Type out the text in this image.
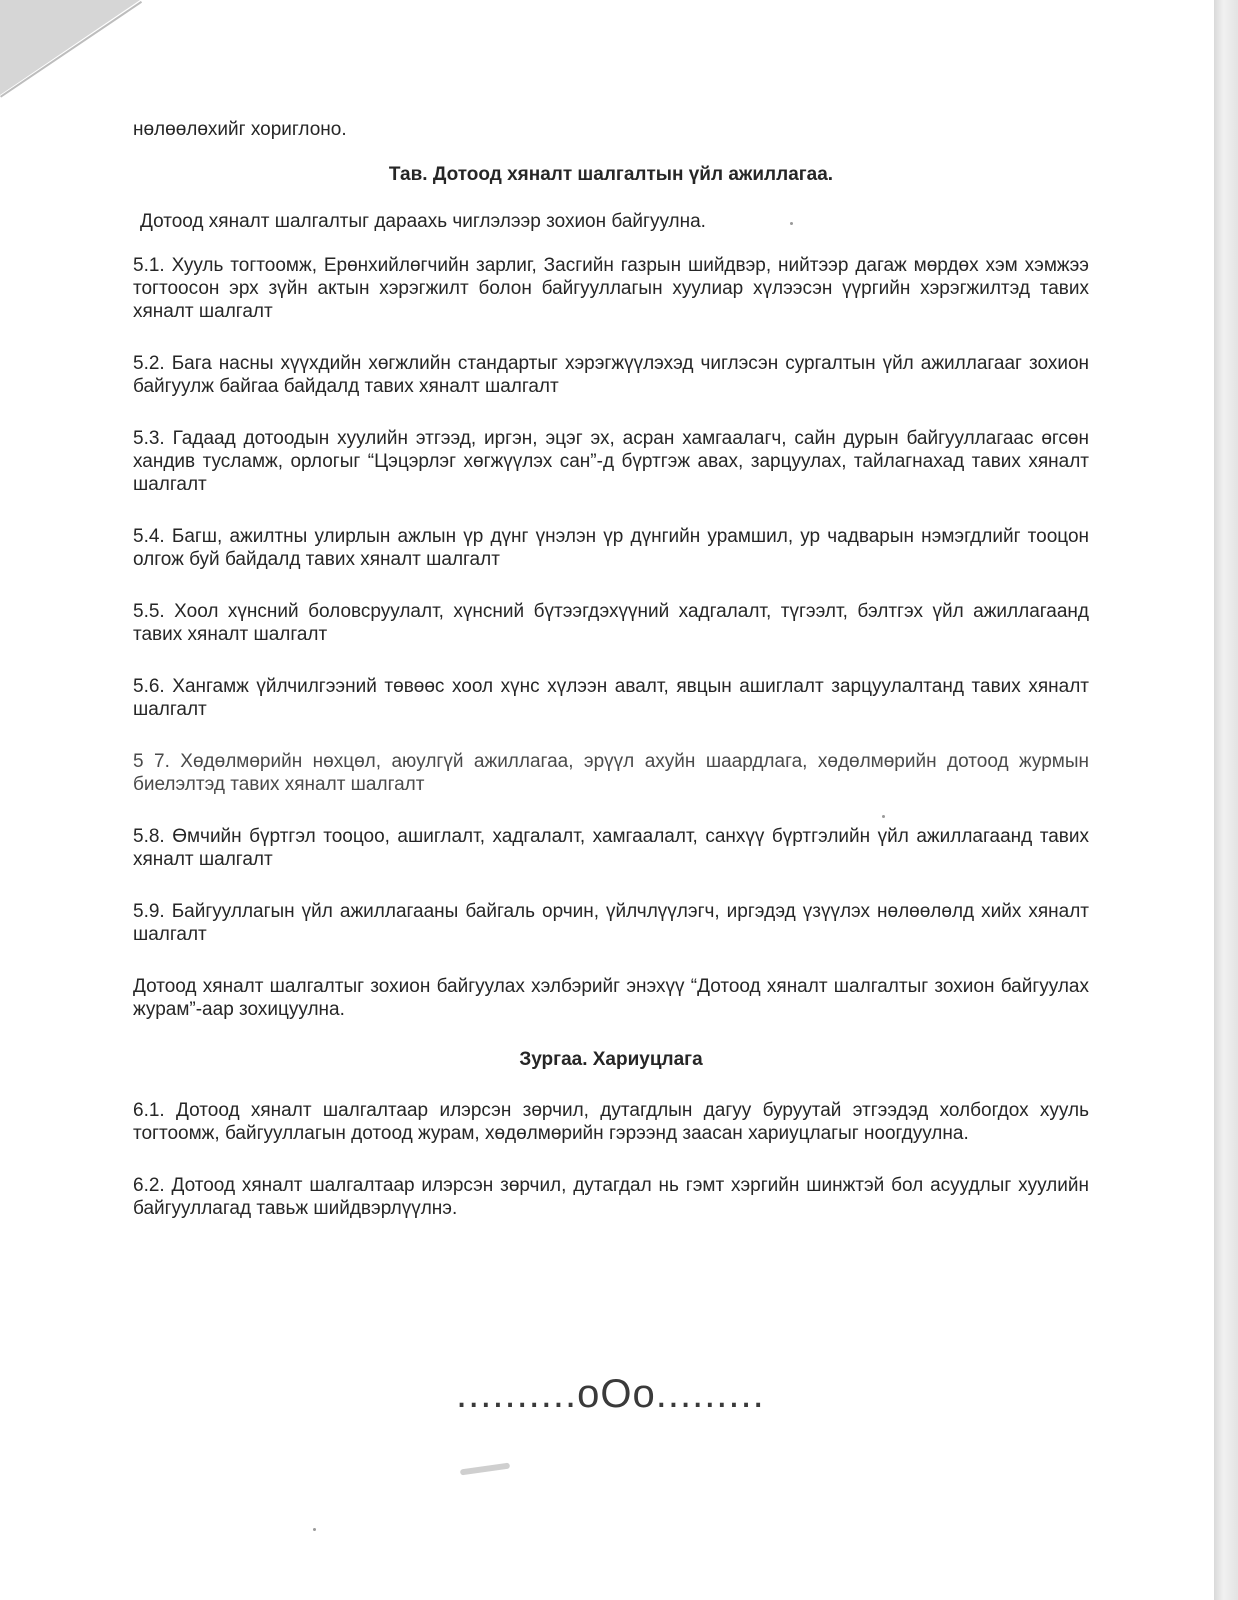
нөлөөлөхийг хориглоно.

Тав. Дотоод хяналт шалгалтын үйл ажиллагаа.

Дотоод хяналт шалгалтыг дараахь чиглэлээр зохион байгуулна.

5.1. Хууль тогтоомж, Ерөнхийлөгчийн зарлиг, Засгийн газрын шийдвэр, нийтээр дагаж мөрдөх хэм хэмжээ тогтоосон эрх зүйн актын хэрэгжилт болон байгууллагын хуулиар хүлээсэн үүргийн хэрэгжилтэд тавих хяналт шалгалт

5.2. Бага насны хүүхдийн хөгжлийн стандартыг хэрэгжүүлэхэд чиглэсэн сургалтын үйл ажиллагааг зохион байгуулж байгаа байдалд тавих хяналт шалгалт

5.3. Гадаад дотоодын хуулийн этгээд, иргэн, эцэг эх, асран хамгаалагч, сайн дурын байгууллагаас өгсөн хандив тусламж, орлогыг “Цэцэрлэг хөгжүүлэх сан”-д бүртгэж авах, зарцуулах, тайлагнахад тавих хяналт шалгалт

5.4. Багш, ажилтны улирлын ажлын үр дүнг үнэлэн үр дүнгийн урамшил, ур чадварын нэмэгдлийг тооцон олгож буй байдалд тавих хяналт шалгалт

5.5. Хоол хүнсний боловсруулалт, хүнсний бүтээгдэхүүний хадгалалт, түгээлт, бэлтгэх үйл ажиллагаанд тавих хяналт шалгалт

5.6. Хангамж үйлчилгээний төвөөс хоол хүнс хүлээн авалт, явцын ашиглалт зарцуулалтанд тавих хяналт шалгалт

5 7. Хөдөлмөрийн нөхцөл, аюулгүй ажиллагаа, эрүүл ахуйн шаардлага, хөдөлмөрийн дотоод журмын биелэлтэд тавих хяналт шалгалт

5.8. Өмчийн бүртгэл тооцоо, ашиглалт, хадгалалт, хамгаалалт, санхүү бүртгэлийн үйл ажиллагаанд тавих хяналт шалгалт

5.9. Байгууллагын үйл ажиллагааны байгаль орчин, үйлчлүүлэгч, иргэдэд үзүүлэх нөлөөлөлд хийх хяналт шалгалт

Дотоод хяналт шалгалтыг зохион байгуулах хэлбэрийг энэхүү “Дотоод хяналт шалгалтыг зохион байгуулах журам”-аар зохицуулна.

Зургаа. Хариуцлага

6.1. Дотоод хяналт шалгалтаар илэрсэн зөрчил, дутагдлын дагуу буруутай этгээдэд холбогдох хууль тогтоомж, байгууллагын дотоод журам, хөдөлмөрийн гэрээнд заасан хариуцлагыг ноогдуулна.

6.2. Дотоод хяналт шалгалтаар илэрсэн зөрчил, дутагдал нь гэмт хэргийн шинжтэй бол асуудлыг хуулийн байгууллагад тавьж шийдвэрлүүлнэ.

..........oOo.........
